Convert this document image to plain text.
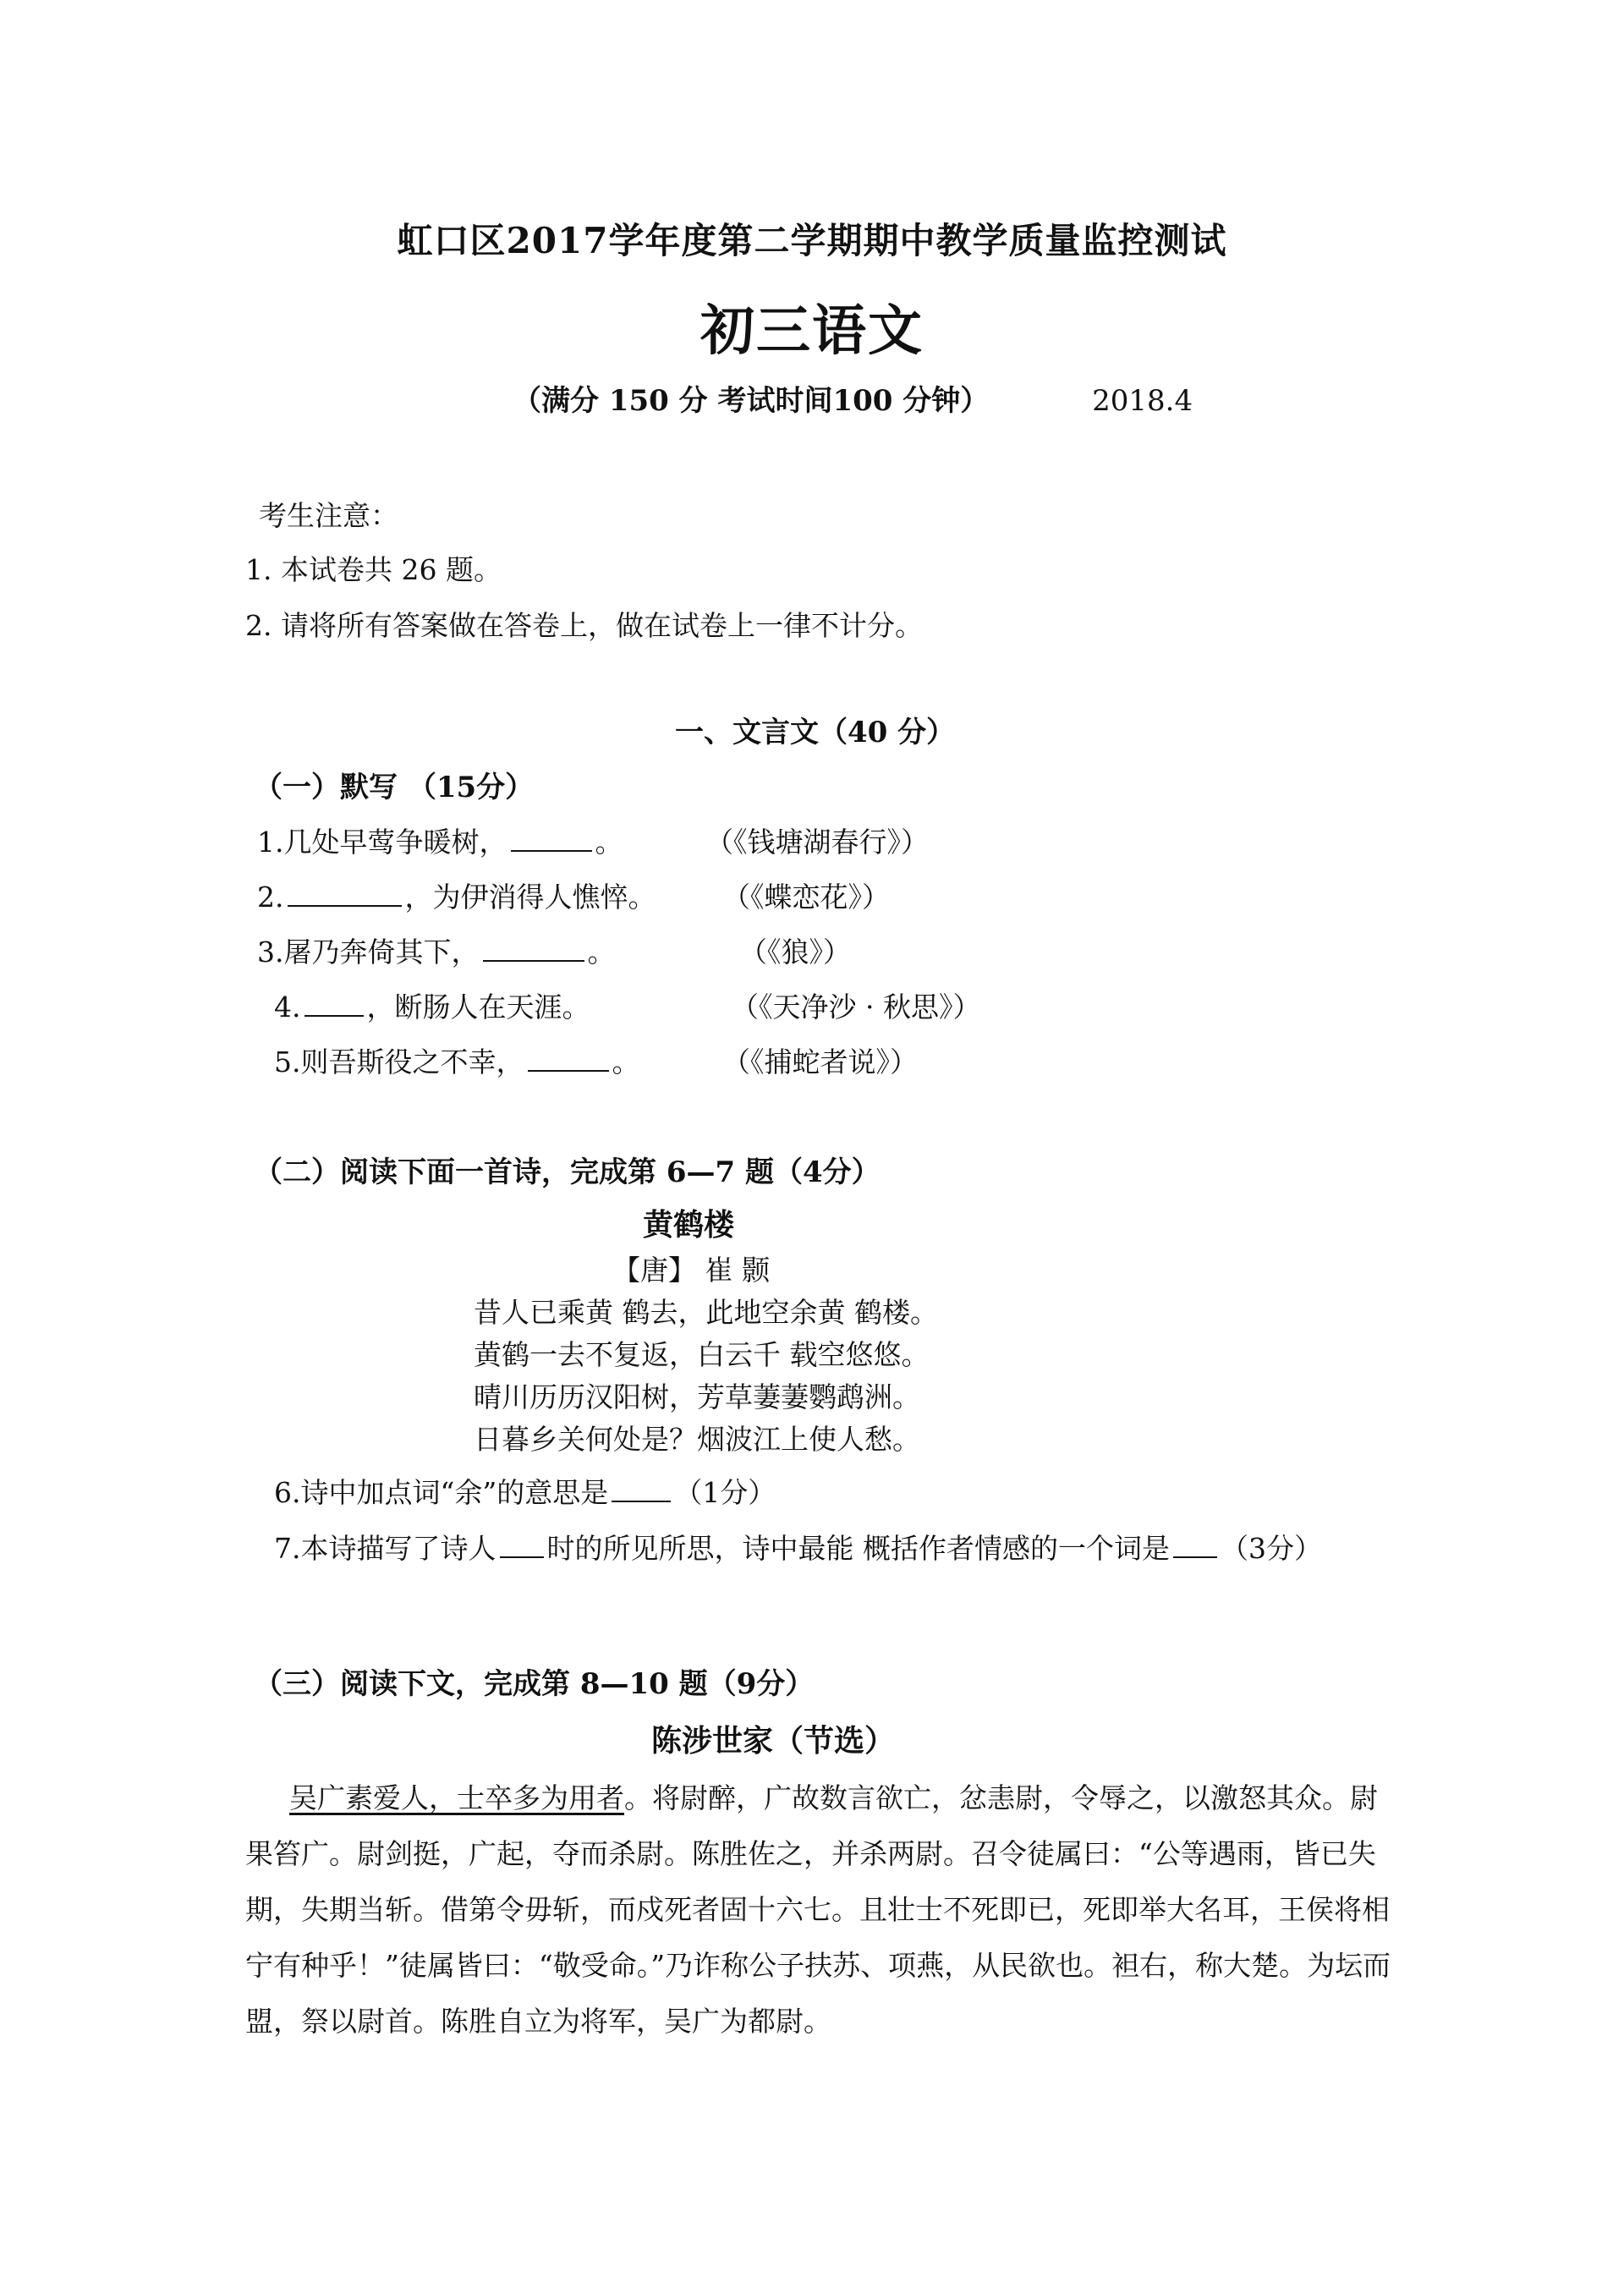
虹口区2017学年度第二学期期中教学质量监控测试
初三语文
（满分 150 分 考试时间100 分钟）	2018.4
考生注意：
1. 本试卷共 26 题。
2. 请将所有答案做在答卷上，做在试卷上一律不计分。
一、文言文（40 分）
（一）默写 （15分）
1.几处早莺争暖树，	。	（《钱塘湖春行》）
2.	，为伊消得人憔悴。 （《蝶恋花》）
3.屠乃奔倚其下，	。	（《狼》）
4. ，断肠人在天涯。	（《天净沙 · 秋思》）
5.则吾斯役之不幸，	。	（《捕蛇者说》）
（二）阅读下面一首诗，完成第 6—7 题（4分）
黄鹤楼
【唐】 崔 颢
昔人已乘黄 鹤去，此地空余黄 鹤楼。
黄鹤一去不复返，白云千 载空悠悠。
晴川历历汉阳树，芳草萋萋鹦鹉洲。
日暮乡关何处是？烟波江上使人愁。
6.诗中加点词“余”的意思是 （1分）
7.本诗描写了诗人 时的所见所思，诗中最能 概括作者情感的一个词是 （3分）
（三）阅读下文，完成第 8—10 题（9分）
陈涉世家（节选）
吴广素爱人，士卒多为用者。将尉醉，广故数言欲亡，忿恚尉，令辱之，以激怒其众。尉果笞广。尉剑挺，广起，夺而杀尉。陈胜佐之，并杀两尉。召令徒属曰：“公等遇雨，皆已失期，失期当斩。借第令毋斩，而戍死者固十六七。且壮士不死即已，死即举大名耳，王侯将相宁有种乎！”徒属皆曰：“敬受命。”乃诈称公子扶苏、项燕，从民欲也。袒右，称大楚。为坛而盟，祭以尉首。陈胜自立为将军，吴广为都尉。
